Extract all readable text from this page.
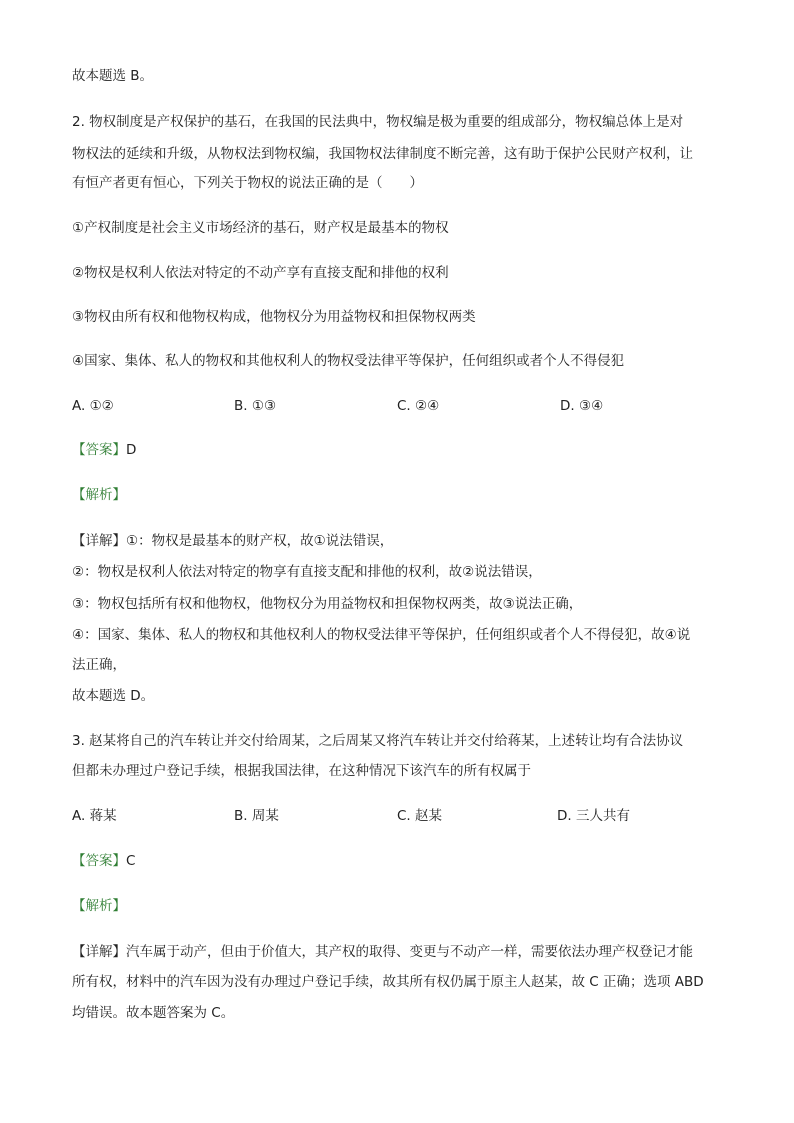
故本题选 B。
2. 物权制度是产权保护的基石，在我国的民法典中，物权编是极为重要的组成部分，物权编总体上是对
物权法的延续和升级，从物权法到物权编，我国物权法律制度不断完善，这有助于保护公民财产权利，让
有恒产者更有恒心，下列关于物权的说法正确的是（　　）
①产权制度是社会主义市场经济的基石，财产权是最基本的物权
②物权是权利人依法对特定的不动产享有直接支配和排他的权利
③物权由所有权和他物权构成，他物权分为用益物权和担保物权两类
④国家、集体、私人的物权和其他权利人的物权受法律平等保护，任何组织或者个人不得侵犯
A. ①②	B. ①③	C. ②④	D. ③④
【答案】D
【解析】
【详解】①：物权是最基本的财产权，故①说法错误，
②：物权是权利人依法对特定的物享有直接支配和排他的权利，故②说法错误，
③：物权包括所有权和他物权，他物权分为用益物权和担保物权两类，故③说法正确，
④：国家、集体、私人的物权和其他权利人的物权受法律平等保护，任何组织或者个人不得侵犯，故④说
法正确，
故本题选 D。
3. 赵某将自己的汽车转让并交付给周某，之后周某又将汽车转让并交付给蒋某，上述转让均有合法协议
但都未办理过户登记手续，根据我国法律，在这种情况下该汽车的所有权属于
A. 蒋某	B. 周某	C. 赵某	D. 三人共有
【答案】C
【解析】
【详解】汽车属于动产，但由于价值大，其产权的取得、变更与不动产一样，需要依法办理产权登记才能
所有权，材料中的汽车因为没有办理过户登记手续，故其所有权仍属于原主人赵某，故 C 正确；选项 ABD
均错误。故本题答案为 C。
